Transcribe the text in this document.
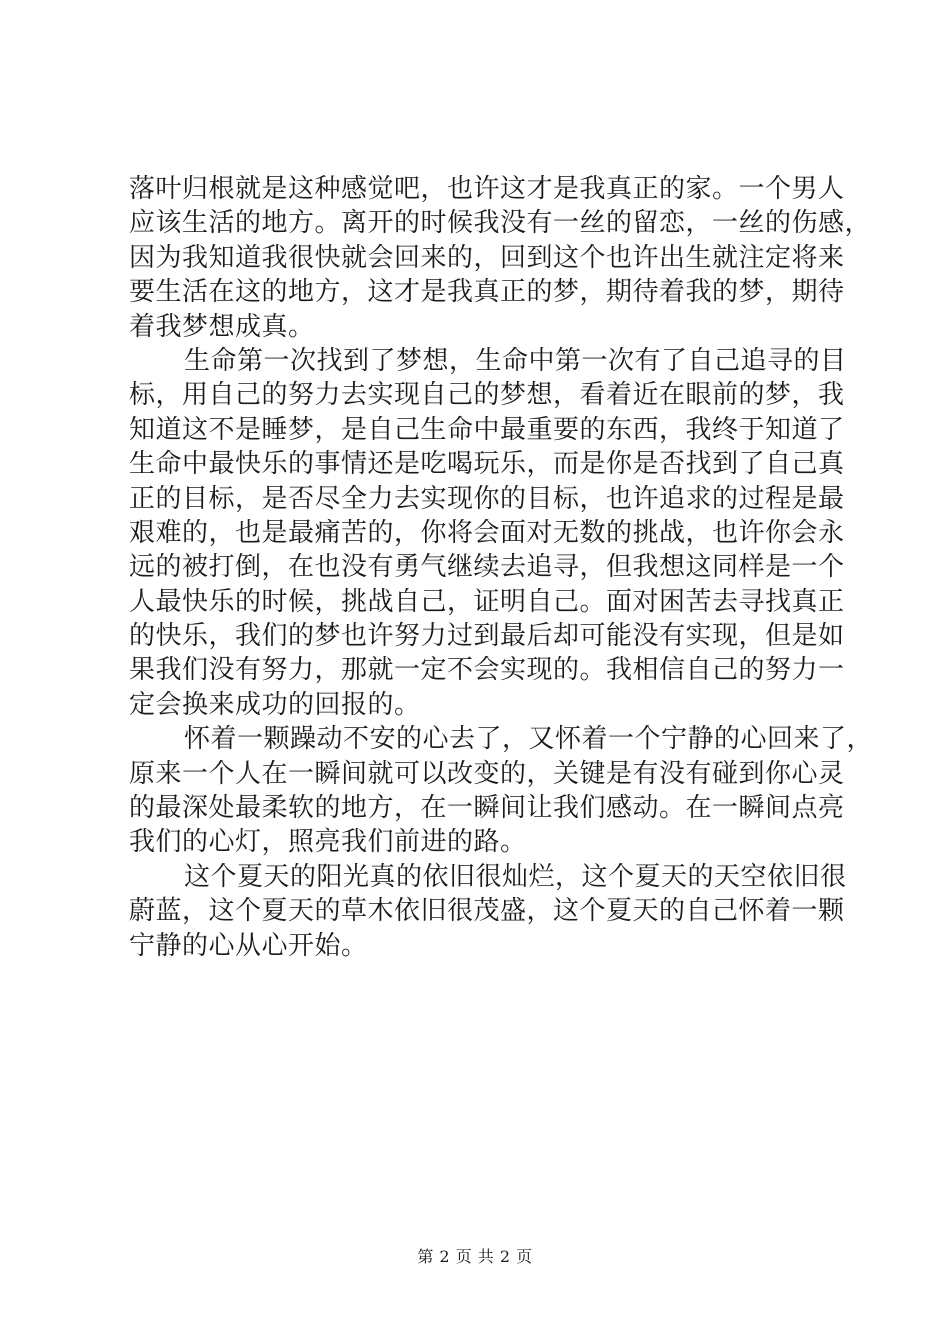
落叶归根就是这种感觉吧，也许这才是我真正的家。一个男人
应该生活的地方。离开的时候我没有一丝的留恋，一丝的伤感，
因为我知道我很快就会回来的，回到这个也许出生就注定将来
要生活在这的地方，这才是我真正的梦，期待着我的梦，期待
着我梦想成真。
生命第一次找到了梦想，生命中第一次有了自己追寻的目
标，用自己的努力去实现自己的梦想，看着近在眼前的梦，我
知道这不是睡梦，是自己生命中最重要的东西，我终于知道了
生命中最快乐的事情还是吃喝玩乐，而是你是否找到了自己真
正的目标，是否尽全力去实现你的目标，也许追求的过程是最
艰难的，也是最痛苦的，你将会面对无数的挑战，也许你会永
远的被打倒，在也没有勇气继续去追寻，但我想这同样是一个
人最快乐的时候，挑战自己，证明自己。面对困苦去寻找真正
的快乐，我们的梦也许努力过到最后却可能没有实现，但是如
果我们没有努力，那就一定不会实现的。我相信自己的努力一
定会换来成功的回报的。
怀着一颗躁动不安的心去了，又怀着一个宁静的心回来了，
原来一个人在一瞬间就可以改变的，关键是有没有碰到你心灵
的最深处最柔软的地方，在一瞬间让我们感动。在一瞬间点亮
我们的心灯，照亮我们前进的路。
这个夏天的阳光真的依旧很灿烂，这个夏天的天空依旧很
蔚蓝，这个夏天的草木依旧很茂盛，这个夏天的自己怀着一颗
宁静的心从心开始。
第 2 页 共 2 页
